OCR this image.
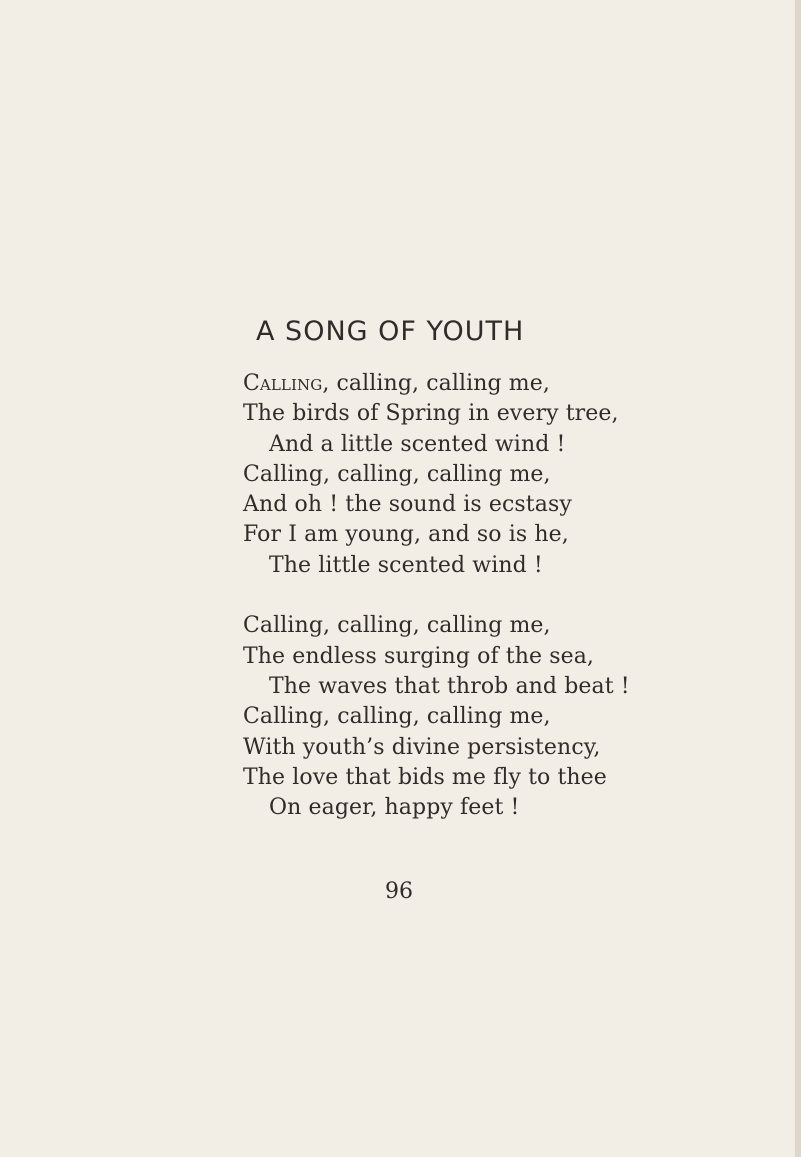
A SONG OF YOUTH
Calling, calling, calling me,
The birds of Spring in every tree,
And a little scented wind !
Calling, calling, calling me,
And oh ! the sound is ecstasy
For I am young, and so is he,
The little scented wind !
Calling, calling, calling me,
The endless surging of the sea,
The waves that throb and beat !
Calling, calling, calling me,
With youth’s divine persistency,
The love that bids me fly to thee
On eager, happy feet !
96
